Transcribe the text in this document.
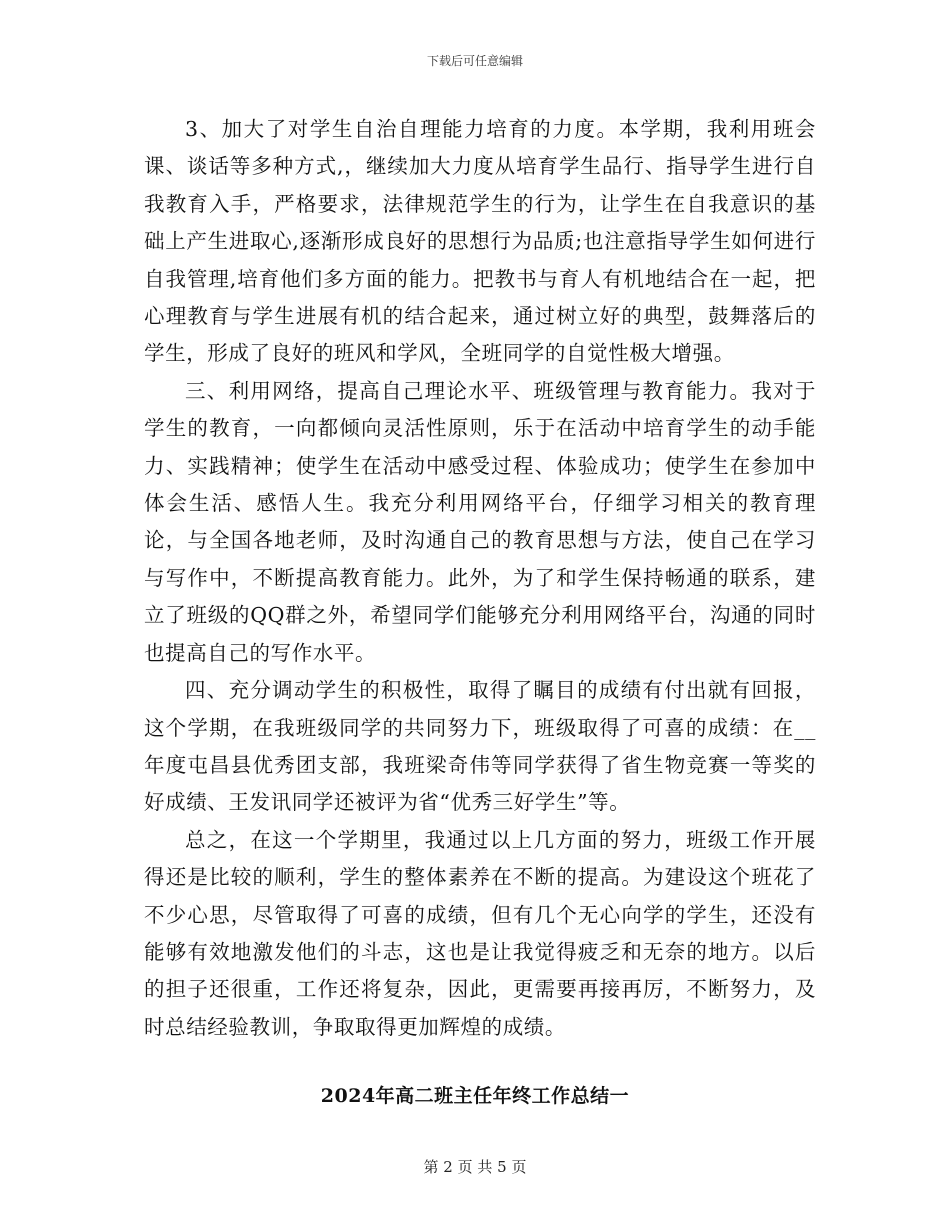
下载后可任意编辑

3、加大了对学生自治自理能力培育的力度。本学期，我利用班会课、谈话等多种方式,，继续加大力度从培育学生品行、指导学生进行自我教育入手，严格要求，法律规范学生的行为，让学生在自我意识的基础上产生进取心,逐渐形成良好的思想行为品质;也注意指导学生如何进行自我管理,培育他们多方面的能力。把教书与育人有机地结合在一起，把心理教育与学生进展有机的结合起来，通过树立好的典型，鼓舞落后的学生，形成了良好的班风和学风，全班同学的自觉性极大增强。

三、利用网络，提高自己理论水平、班级管理与教育能力。我对于学生的教育，一向都倾向灵活性原则，乐于在活动中培育学生的动手能力、实践精神；使学生在活动中感受过程、体验成功；使学生在参加中体会生活、感悟人生。我充分利用网络平台，仔细学习相关的教育理论，与全国各地老师，及时沟通自己的教育思想与方法，使自己在学习与写作中，不断提高教育能力。此外，为了和学生保持畅通的联系，建立了班级的QQ群之外，希望同学们能够充分利用网络平台，沟通的同时也提高自己的写作水平。

四、充分调动学生的积极性，取得了瞩目的成绩有付出就有回报，这个学期，在我班级同学的共同努力下，班级取得了可喜的成绩：在__年度屯昌县优秀团支部，我班梁奇伟等同学获得了省生物竞赛一等奖的好成绩、王发讯同学还被评为省“优秀三好学生”等。

总之，在这一个学期里，我通过以上几方面的努力，班级工作开展得还是比较的顺利，学生的整体素养在不断的提高。为建设这个班花了不少心思，尽管取得了可喜的成绩，但有几个无心向学的学生，还没有能够有效地激发他们的斗志，这也是让我觉得疲乏和无奈的地方。以后的担子还很重，工作还将复杂，因此，更需要再接再厉，不断努力，及时总结经验教训，争取取得更加辉煌的成绩。

2024年高二班主任年终工作总结一
第 2 页 共 5 页
